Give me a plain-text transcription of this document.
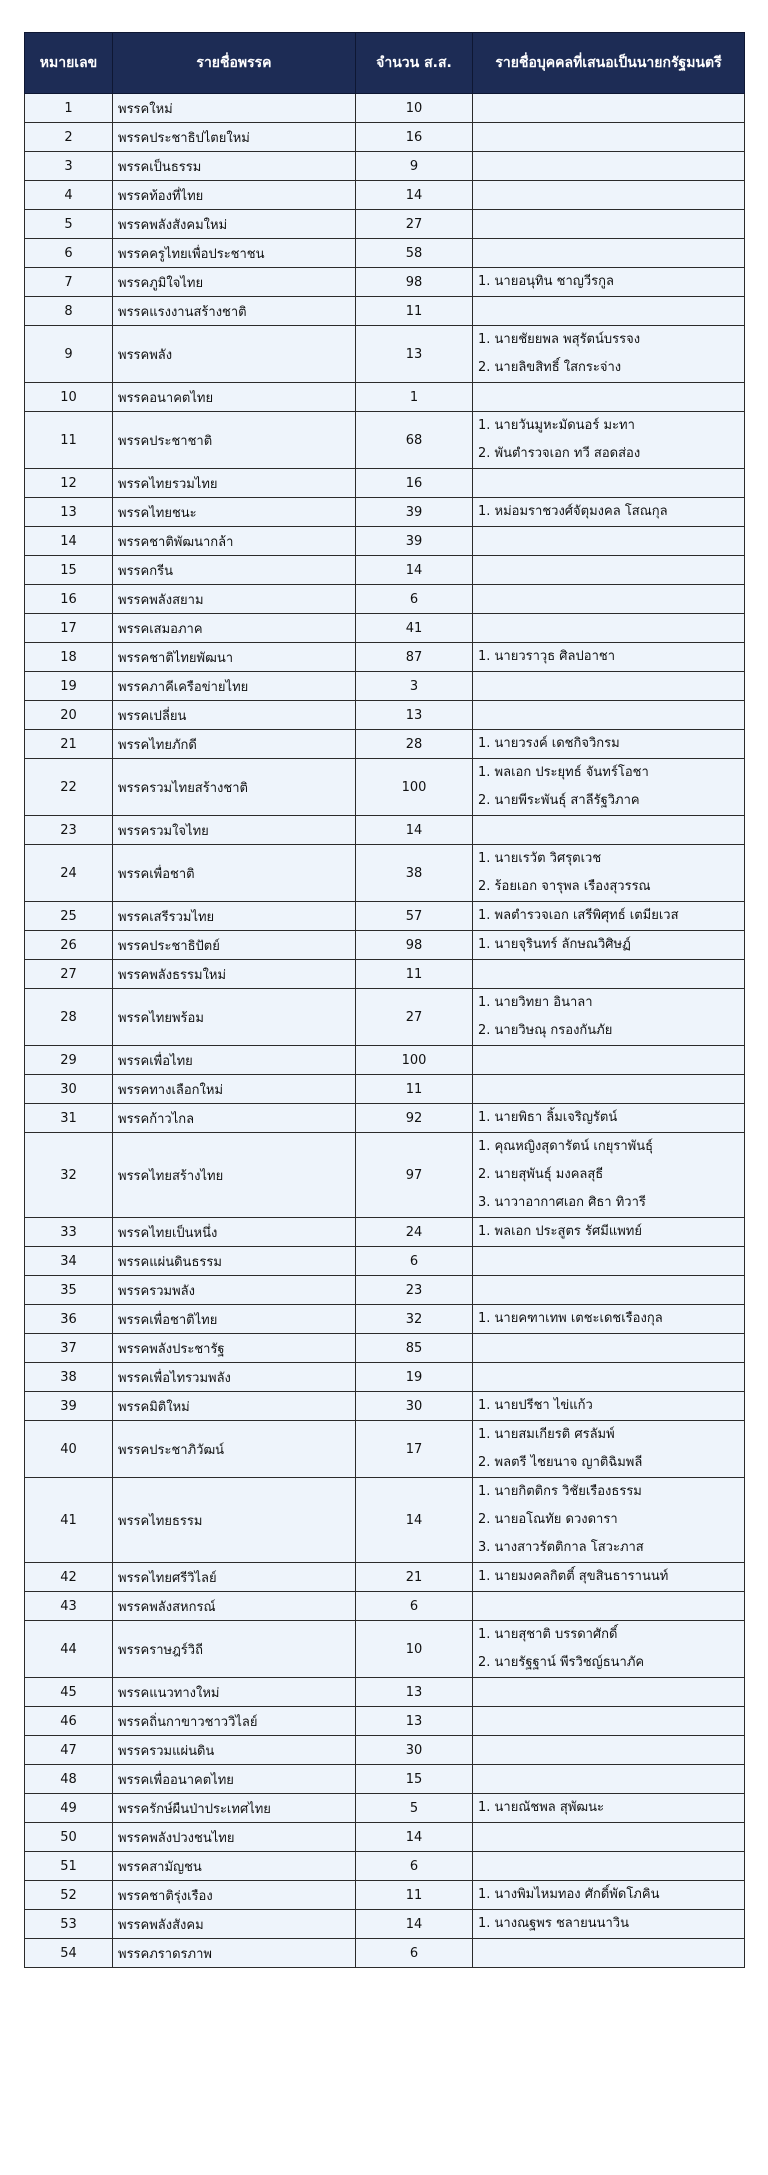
หมายเลข	รายชื่อพรรค	จำนวน ส.ส.	รายชื่อบุคคลที่เสนอเป็นนายกรัฐมนตรี
1	พรรคใหม่	10	
2	พรรคประชาธิปไตยใหม่	16	
3	พรรคเป็นธรรม	9	
4	พรรคท้องที่ไทย	14	
5	พรรคพลังสังคมใหม่	27	
6	พรรคครูไทยเพื่อประชาชน	58	
7	พรรคภูมิใจไทย	98	1. นายอนุทิน ชาญวีรกูล

8	พรรคแรงงานสร้างชาติ	11	
9	พรรคพลัง	13	1. นายชัยยพล พสุรัตน์บรรจง
2. นายลิขสิทธิ์ ใสกระจ่าง

10	พรรคอนาคตไทย	1	
11	พรรคประชาชาติ	68	1. นายวันมูหะมัดนอร์ มะทา
2. พันตำรวจเอก ทวี สอดส่อง

12	พรรคไทยรวมไทย	16	
13	พรรคไทยชนะ	39	1. หม่อมราชวงศ์จัตุมงคล โสณกุล

14	พรรคชาติพัฒนากล้า	39	
15	พรรคกรีน	14	
16	พรรคพลังสยาม	6	
17	พรรคเสมอภาค	41	
18	พรรคชาติไทยพัฒนา	87	1. นายวราวุธ ศิลปอาชา

19	พรรคภาคีเครือข่ายไทย	3	
20	พรรคเปลี่ยน	13	
21	พรรคไทยภักดี	28	1. นายวรงค์ เดชกิจวิกรม

22	พรรครวมไทยสร้างชาติ	100	1. พลเอก ประยุทธ์ จันทร์โอชา
2. นายพีระพันธุ์ สาลีรัฐวิภาค

23	พรรครวมใจไทย	14	
24	พรรคเพื่อชาติ	38	1. นายเรวัต วิศรุตเวช
2. ร้อยเอก จารุพล เรืองสุวรรณ

25	พรรคเสรีรวมไทย	57	1. พลตำรวจเอก เสรีพิศุทธ์ เตมียเวส

26	พรรคประชาธิปัตย์	98	1. นายจุรินทร์ ลักษณวิศิษฏ์

27	พรรคพลังธรรมใหม่	11	
28	พรรคไทยพร้อม	27	1. นายวิทยา อินาลา
2. นายวิษณุ กรองกันภัย

29	พรรคเพื่อไทย	100	
30	พรรคทางเลือกใหม่	11	
31	พรรคก้าวไกล	92	1. นายพิธา ลิ้มเจริญรัตน์

32	พรรคไทยสร้างไทย	97	1. คุณหญิงสุดารัตน์ เกยุราพันธุ์
2. นายสุพันธุ์ มงคลสุธี
3. นาวาอากาศเอก ศิธา ทิวารี

33	พรรคไทยเป็นหนึ่ง	24	1. พลเอก ประสูตร รัศมีแพทย์

34	พรรคแผ่นดินธรรม	6	
35	พรรครวมพลัง	23	
36	พรรคเพื่อชาติไทย	32	1. นายคฑาเทพ เตชะเดชเรืองกุล

37	พรรคพลังประชารัฐ	85	
38	พรรคเพื่อไทรวมพลัง	19	
39	พรรคมิติใหม่	30	1. นายปรีชา ไข่แก้ว

40	พรรคประชาภิวัฒน์	17	1. นายสมเกียรติ ศรลัมพ์
2. พลตรี ไชยนาจ ญาติฉิมพลี

41	พรรคไทยธรรม	14	1. นายกิตติกร วิชัยเรืองธรรม
2. นายอโณทัย ดวงดารา
3. นางสาวรัตติกาล โสวะภาส

42	พรรคไทยศรีวิไลย์	21	1. นายมงคลกิตติ์ สุขสินธารานนท์

43	พรรคพลังสหกรณ์	6	
44	พรรคราษฎร์วิถี	10	1. นายสุชาติ บรรดาศักดิ์
2. นายรัฐฐาน์ พีรวิชญ์ธนาภัค

45	พรรคแนวทางใหม่	13	
46	พรรคถิ่นกาขาวชาววิไลย์	13	
47	พรรครวมแผ่นดิน	30	
48	พรรคเพื่ออนาคตไทย	15	
49	พรรครักษ์ผืนป่าประเทศไทย	5	1. นายณัชพล สุพัฒนะ

50	พรรคพลังปวงชนไทย	14	
51	พรรคสามัญชน	6	
52	พรรคชาติรุ่งเรือง	11	1. นางพิมไหมทอง ศักดิ์พัดโภคิน

53	พรรคพลังสังคม	14	1. นางณฐพร ชลายนนาวิน

54	พรรคภราดรภาพ	6	
